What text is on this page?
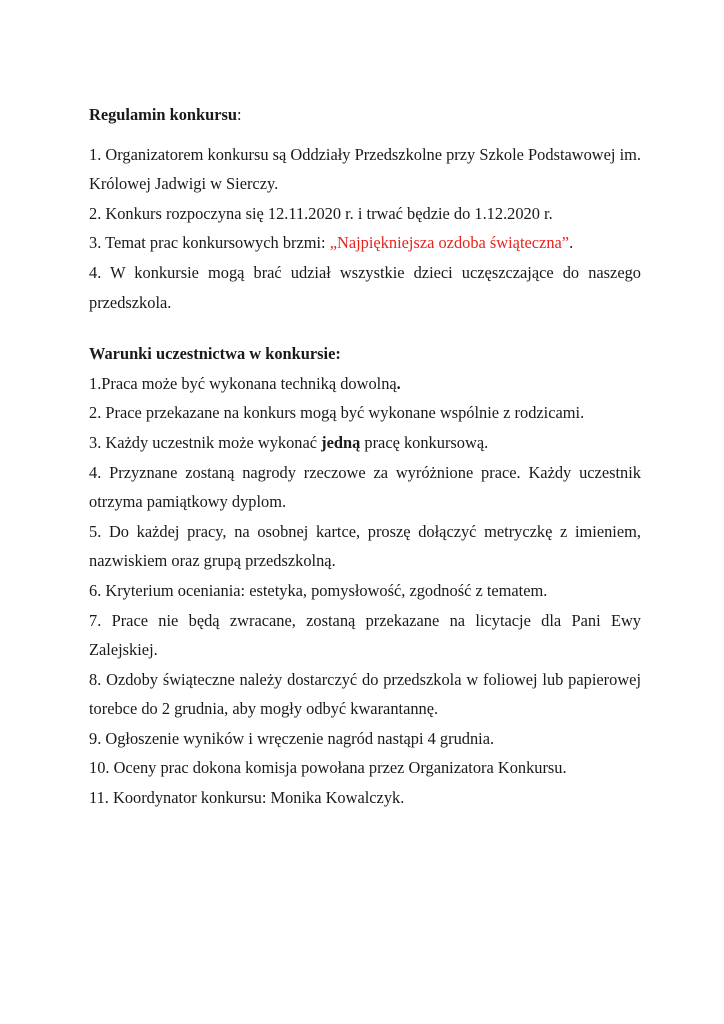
Regulamin konkursu:

1. Organizatorem konkursu są Oddziały Przedszkolne przy Szkole Podstawowej im. Królowej Jadwigi w Sierczy.

2. Konkurs rozpoczyna się 12.11.2020 r. i trwać będzie do 1.12.2020 r.

3. Temat prac konkursowych brzmi: „Najpiękniejsza ozdoba świąteczna”.

4. W konkursie mogą brać udział wszystkie dzieci uczęszczające do naszego przedszkola.

Warunki uczestnictwa w konkursie:

1.Praca może być wykonana techniką dowolną.

2. Prace przekazane na konkurs mogą być wykonane wspólnie z rodzicami.

3. Każdy uczestnik może wykonać jedną pracę konkursową.

4. Przyznane zostaną nagrody rzeczowe za wyróżnione prace. Każdy uczestnik otrzyma pamiątkowy dyplom.

5. Do każdej pracy, na osobnej kartce, proszę dołączyć metryczkę z imieniem, nazwiskiem oraz grupą przedszkolną.

6. Kryterium oceniania: estetyka, pomysłowość, zgodność z tematem.

7. Prace nie będą zwracane, zostaną przekazane na licytacje dla Pani Ewy Zalejskiej.

8. Ozdoby świąteczne należy dostarczyć do przedszkola w foliowej lub papierowej torebce do 2 grudnia, aby mogły odbyć kwarantannę.

9. Ogłoszenie wyników i wręczenie nagród nastąpi 4 grudnia.

10. Oceny prac dokona komisja powołana przez Organizatora Konkursu.

11. Koordynator konkursu: Monika Kowalczyk.
